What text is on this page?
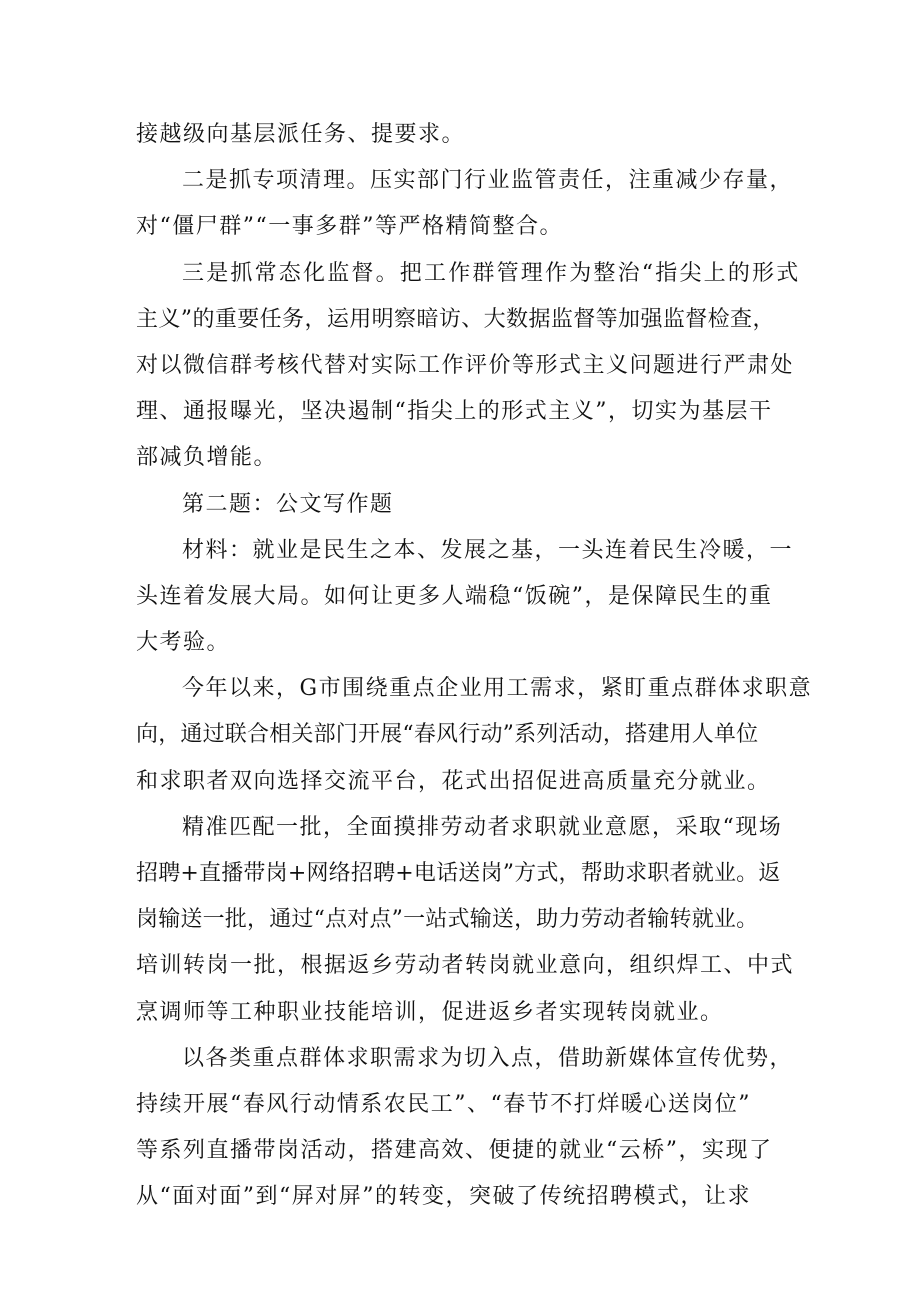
接越级向基层派任务、提要求。
二是抓专项清理。压实部门行业监管责任，注重减少存量，
对“僵尸群”“一事多群”等严格精简整合。
三是抓常态化监督。把工作群管理作为整治“指尖上的形式
主义”的重要任务，运用明察暗访、大数据监督等加强监督检查，
对以微信群考核代替对实际工作评价等形式主义问题进行严肃处
理、通报曝光，坚决遏制“指尖上的形式主义”，切实为基层干
部减负增能。
第二题：公文写作题
材料：就业是民生之本、发展之基，一头连着民生冷暖，一
头连着发展大局。如何让更多人端稳“饭碗”，是保障民生的重
大考验。
今年以来，G市围绕重点企业用工需求，紧盯重点群体求职意
向，通过联合相关部门开展“春风行动”系列活动，搭建用人单位
和求职者双向选择交流平台，花式出招促进高质量充分就业。
精准匹配一批，全面摸排劳动者求职就业意愿，采取“现场
招聘+直播带岗+网络招聘+电话送岗”方式，帮助求职者就业。返
岗输送一批，通过“点对点”一站式输送，助力劳动者输转就业。
培训转岗一批，根据返乡劳动者转岗就业意向，组织焊工、中式
烹调师等工种职业技能培训，促进返乡者实现转岗就业。
以各类重点群体求职需求为切入点，借助新媒体宣传优势，
持续开展“春风行动情系农民工”、“春节不打烊暖心送岗位”
等系列直播带岗活动，搭建高效、便捷的就业“云桥”，实现了
从“面对面”到“屏对屏”的转变，突破了传统招聘模式，让求
